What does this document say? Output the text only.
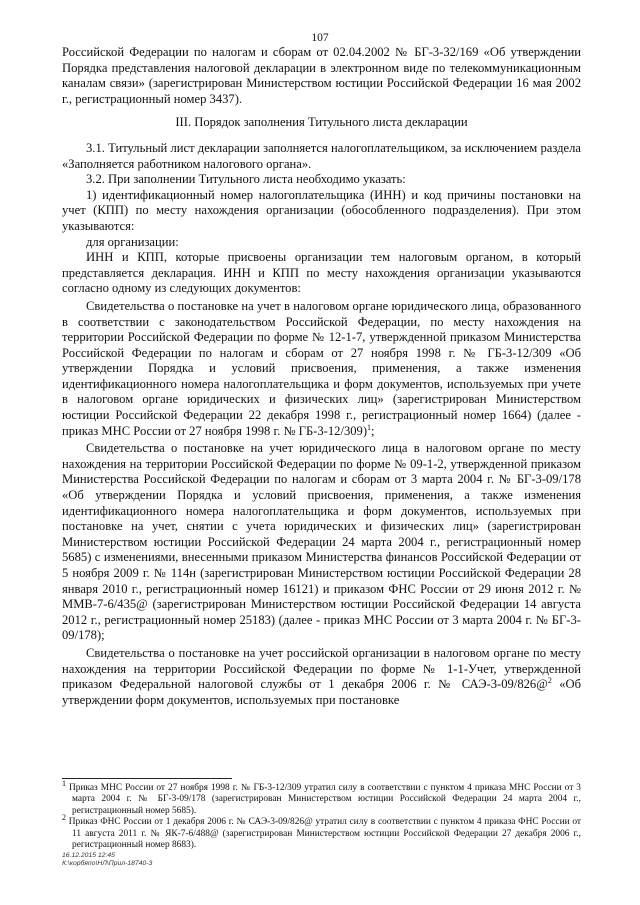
107

Российской Федерации по налогам и сборам от 02.04.2002 № БГ-3-32/169 «Об утверждении Порядка представления налоговой декларации в электронном виде по телекоммуникационным каналам связи» (зарегистрирован Министерством юстиции Российской Федерации 16 мая 2002 г., регистрационный номер 3437).

III. Порядок заполнения Титульного листа декларации

3.1. Титульный лист декларации заполняется налогоплательщиком, за исключением раздела «Заполняется работником налогового органа».

3.2. При заполнении Титульного листа необходимо указать:

1) идентификационный номер налогоплательщика (ИНН) и код причины постановки на учет (КПП) по месту нахождения организации (обособленного подразделения). При этом указываются:

для организации:

ИНН и КПП, которые присвоены организации тем налоговым органом, в который представляется декларация. ИНН и КПП по месту нахождения организации указываются согласно одному из следующих документов:

Свидетельства о постановке на учет в налоговом органе юридического лица, образованного в соответствии с законодательством Российской Федерации, по месту нахождения на территории Российской Федерации по форме № 12-1-7, утвержденной приказом Министерства Российской Федерации по налогам и сборам от 27 ноября 1998 г. № ГБ-3-12/309 «Об утверждении Порядка и условий присвоения, применения, а также изменения идентификационного номера налогоплательщика и форм документов, используемых при учете в налоговом органе юридических и физических лиц» (зарегистрирован Министерством юстиции Российской Федерации 22 декабря 1998 г., регистрационный номер 1664) (далее - приказ МНС России от 27 ноября 1998 г. № ГБ-3-12/309)$^1$;

Свидетельства о постановке на учет юридического лица в налоговом органе по месту нахождения на территории Российской Федерации по форме № 09-1-2, утвержденной приказом Министерства Российской Федерации по налогам и сборам от 3 марта 2004 г. № БГ-3-09/178 «Об утверждении Порядка и условий присвоения, применения, а также изменения идентификационного номера налогоплательщика и форм документов, используемых при постановке на учет, снятии с учета юридических и физических лиц» (зарегистрирован Министерством юстиции Российской Федерации 24 марта 2004 г., регистрационный номер 5685) с изменениями, внесенными приказом Министерства финансов Российской Федерации от 5 ноября 2009 г. № 114н (зарегистрирован Министерством юстиции Российской Федерации 28 января 2010 г., регистрационный номер 16121) и приказом ФНС России от 29 июня 2012 г. № ММВ-7-6/435@ (зарегистрирован Министерством юстиции Российской Федерации 14 августа 2012 г., регистрационный номер 25183) (далее - приказ МНС России от 3 марта 2004 г. № БГ-3-09/178);

Свидетельства о постановке на учет российской организации в налоговом органе по месту нахождения на территории Российской Федерации по форме № 1-1-Учет, утвержденной приказом Федеральной налоговой службы от 1 декабря 2006 г. № САЭ-3-09/826@$^2$ «Об утверждении форм документов, используемых при постановке

$^1$ Приказ МНС России от 27 ноября 1998 г. № ГБ-3-12/309 утратил силу в соответствии с пунктом 4 приказа МНС России от 3 марта 2004 г. № БГ-3-09/178 (зарегистрирован Министерством юстиции Российской Федерации 24 марта 2004 г., регистрационный номер 5685).

$^2$ Приказ ФНС России от 1 декабря 2006 г. № САЭ-3-09/826@ утратил силу в соответствии с пунктом 4 приказа ФНС России от 11 августа 2011 г. № ЯК-7-6/488@ (зарегистрирован Министерством юстиции Российской Федерации 27 декабря 2006 г., регистрационный номер 8683).

16.12.2015 12:45
К:\корбяпо\НЛ\Прил-18740-3
